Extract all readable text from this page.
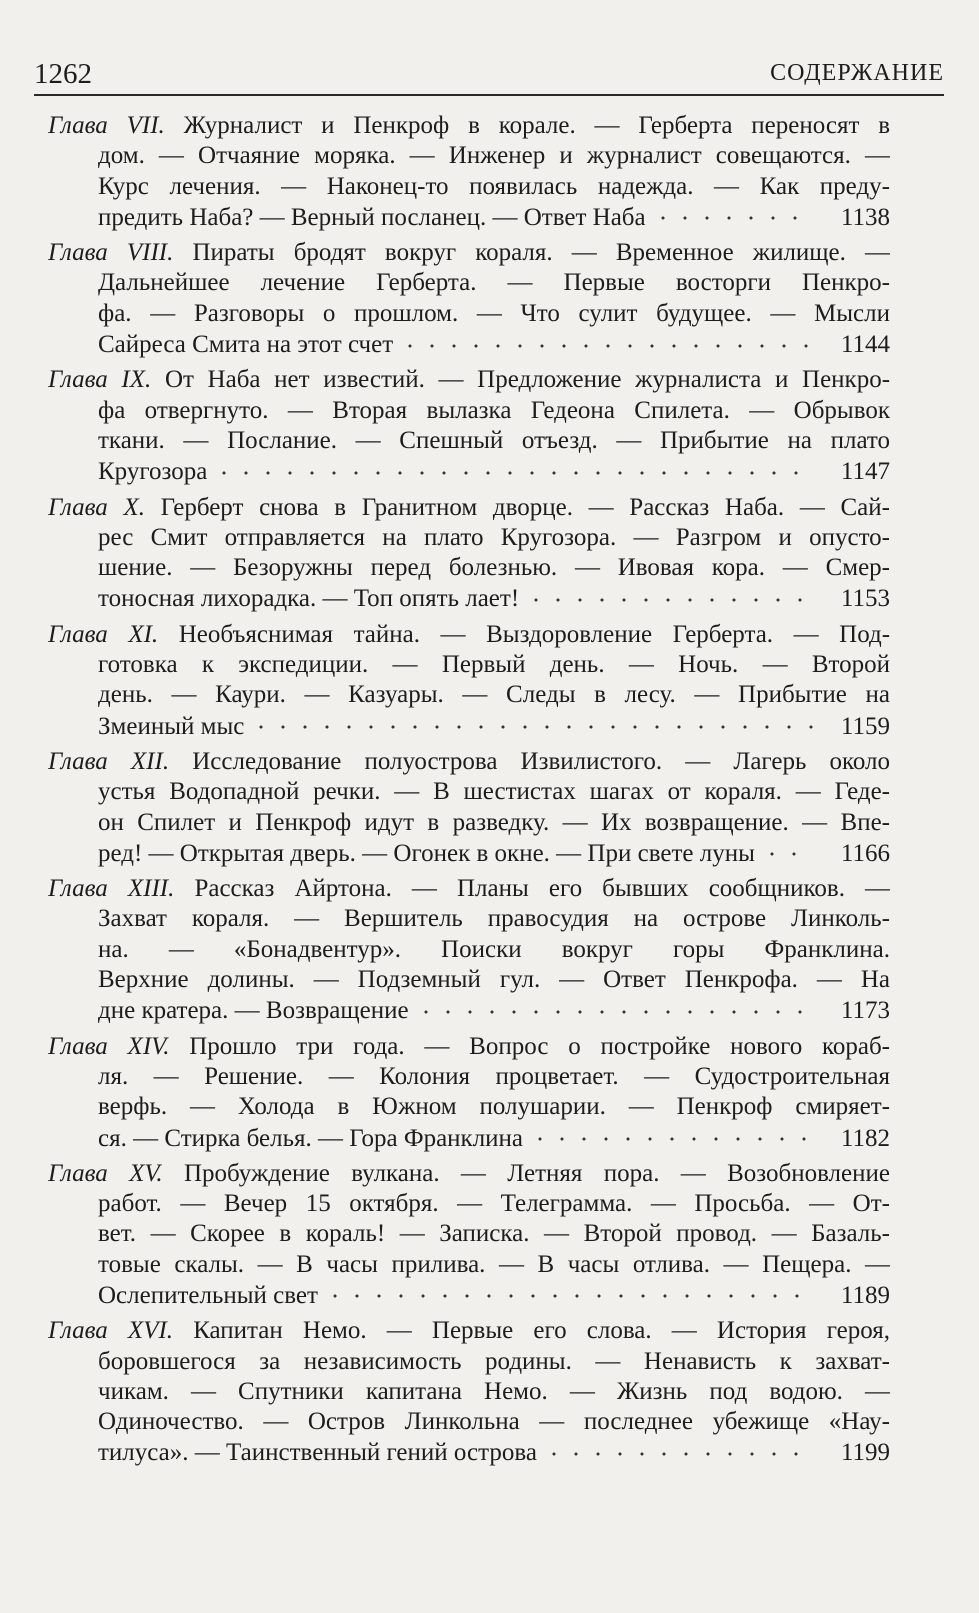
1262	СОДЕРЖАНИЕ
Глава VII. Журналист и Пенкроф в корале. — Герберта переносят в
дом. — Отчаяние моряка. — Инженер и журналист совещаются. —
Курс лечения. — Наконец-то появилась надежда. — Как преду-
предить Наба? — Верный посланец. — Ответ Наба	1138
Глава VIII. Пираты бродят вокруг кораля. — Временное жилище. —
Дальнейшее лечение Герберта. — Первые восторги Пенкро-
фа. — Разговоры о прошлом. — Что сулит будущее. — Мысли
Сайреса Смита на этот счет	1144
Глава IX. От Наба нет известий. — Предложение журналиста и Пенкро-
фа отвергнуто. — Вторая вылазка Гедеона Спилета. — Обрывок
ткани. — Послание. — Спешный отъезд. — Прибытие на плато
Кругозора	1147
Глава X. Герберт снова в Гранитном дворце. — Рассказ Наба. — Сай-
рес Смит отправляется на плато Кругозора. — Разгром и опусто-
шение. — Безоружны перед болезнью. — Ивовая кора. — Смер-
тоносная лихорадка. — Топ опять лает!	1153
Глава XI. Необъяснимая тайна. — Выздоровление Герберта. — Под-
готовка к экспедиции. — Первый день. — Ночь. — Второй
день. — Каури. — Казуары. — Следы в лесу. — Прибытие на
Змеиный мыс	1159
Глава XII. Исследование полуострова Извилистого. — Лагерь около
устья Водопадной речки. — В шестистах шагах от кораля. — Геде-
он Спилет и Пенкроф идут в разведку. — Их возвращение. — Впе-
ред! — Открытая дверь. — Огонек в окне. — При свете луны	1166
Глава XIII. Рассказ Айртона. — Планы его бывших сообщников. —
Захват кораля. — Вершитель правосудия на острове Линколь-
на. — «Бонадвентур». Поиски вокруг горы Франклина.
Верхние долины. — Подземный гул. — Ответ Пенкрофа. — На
дне кратера. — Возвращение	1173
Глава XIV. Прошло три года. — Вопрос о постройке нового кораб-
ля. — Решение. — Колония процветает. — Судостроительная
верфь. — Холода в Южном полушарии. — Пенкроф смиряет-
ся. — Стирка белья. — Гора Франклина	1182
Глава XV. Пробуждение вулкана. — Летняя пора. — Возобновление
работ. — Вечер 15 октября. — Телеграмма. — Просьба. — От-
вет. — Скорее в кораль! — Записка. — Второй провод. — Базаль-
товые скалы. — В часы прилива. — В часы отлива. — Пещера. —
Ослепительный свет	1189
Глава XVI. Капитан Немо. — Первые его слова. — История героя,
боровшегося за независимость родины. — Ненависть к захват-
чикам. — Спутники капитана Немо. — Жизнь под водою. —
Одиночество. — Остров Линкольна — последнее убежище «Нау-
тилуса». — Таинственный гений острова	1199
